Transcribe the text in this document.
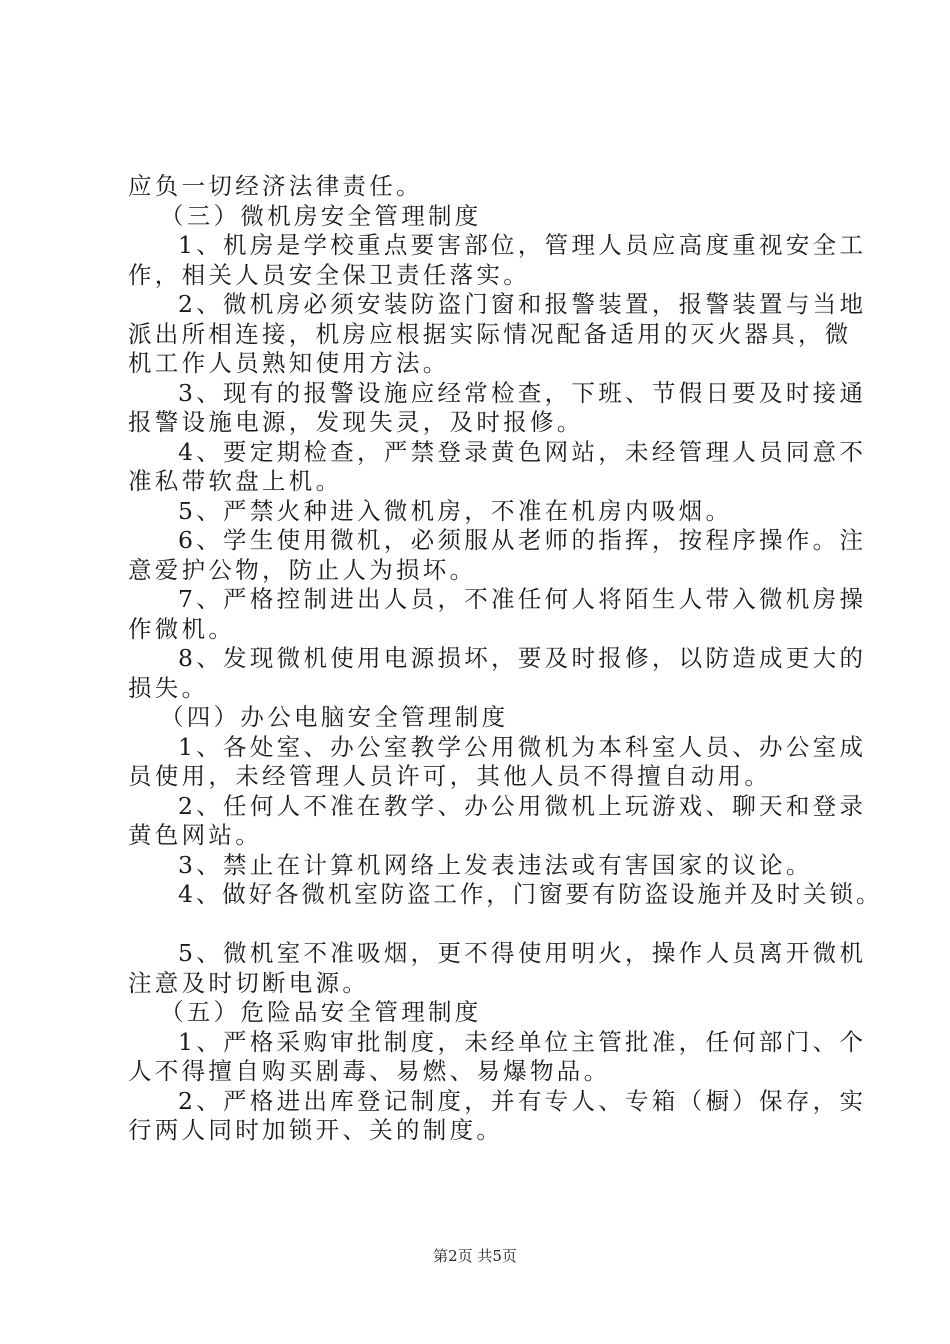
应负一切经济法律责任。
（三）微机房安全管理制度
1、机房是学校重点要害部位，管理人员应高度重视安全工
作，相关人员安全保卫责任落实。
2、微机房必须安装防盗门窗和报警装置，报警装置与当地
派出所相连接，机房应根据实际情况配备适用的灭火器具，微
机工作人员熟知使用方法。
3、现有的报警设施应经常检查，下班、节假日要及时接通
报警设施电源，发现失灵，及时报修。
4、要定期检查，严禁登录黄色网站，未经管理人员同意不
准私带软盘上机。
5、严禁火种进入微机房，不准在机房内吸烟。
6、学生使用微机，必须服从老师的指挥，按程序操作。注
意爱护公物，防止人为损坏。
7、严格控制进出人员，不准任何人将陌生人带入微机房操
作微机。
8、发现微机使用电源损坏，要及时报修，以防造成更大的
损失。
（四）办公电脑安全管理制度
1、各处室、办公室教学公用微机为本科室人员、办公室成
员使用，未经管理人员许可，其他人员不得擅自动用。
2、任何人不准在教学、办公用微机上玩游戏、聊天和登录
黄色网站。
3、禁止在计算机网络上发表违法或有害国家的议论。
4、做好各微机室防盗工作，门窗要有防盗设施并及时关锁。
5、微机室不准吸烟，更不得使用明火，操作人员离开微机
注意及时切断电源。
（五）危险品安全管理制度
1、严格采购审批制度，未经单位主管批准，任何部门、个
人不得擅自购买剧毒、易燃、易爆物品。
2、严格进出库登记制度，并有专人、专箱（橱）保存，实
行两人同时加锁开、关的制度。
第2页 共5页
